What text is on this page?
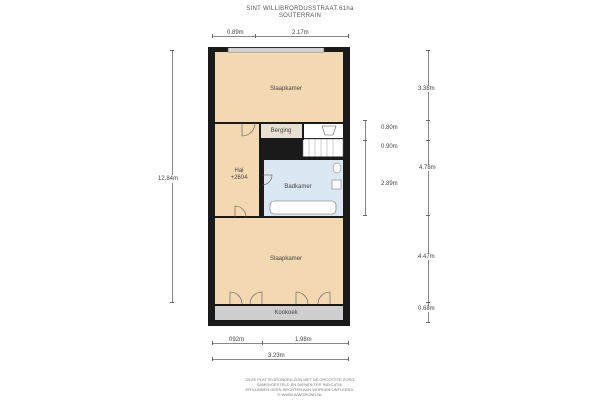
SINT WILLIBRORDUSSTRAAT 61ha
SOUTERRAIN
0.89m	2.17m
12.84m
3.38m
0.80m
0.90m
4.78m
2.89m
4.47m
0.68m
Slaapkamer
Berging
Hal
+2604
Badkamer
Slaapkamer
Kookoek
092m	1.98m
3.23m
DEZE PLATTEGRONDEN ZIJN MET DE GROOTSTE ZORG
SAMENGESTELD EN DIENEN TER INDICATIE.
ER KUNNEN GEEN RECHTEN AAN WORDEN ONTLEEND.
© WWW.WWGROND.NL
